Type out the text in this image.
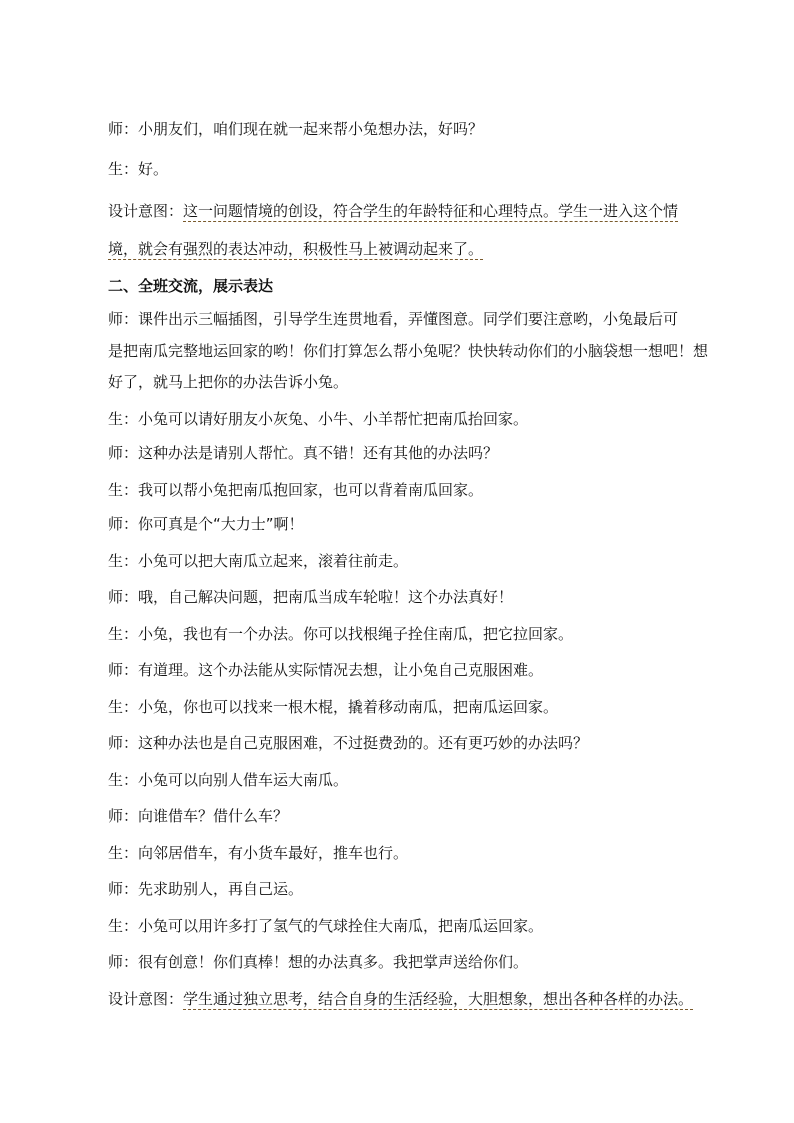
师：小朋友们，咱们现在就一起来帮小兔想办法，好吗？
生：好。
设计意图：这一问题情境的创设，符合学生的年龄特征和心理特点。学生一进入这个情
境，就会有强烈的表达冲动，积极性马上被调动起来了。
二、全班交流，展示表达
师：课件出示三幅插图，引导学生连贯地看，弄懂图意。同学们要注意哟，小兔最后可
是把南瓜完整地运回家的哟！你们打算怎么帮小兔呢？快快转动你们的小脑袋想一想吧！想
好了，就马上把你的办法告诉小兔。
生：小兔可以请好朋友小灰兔、小牛、小羊帮忙把南瓜抬回家。
师：这种办法是请别人帮忙。真不错！还有其他的办法吗？
生：我可以帮小兔把南瓜抱回家，也可以背着南瓜回家。
师：你可真是个“大力士”啊！
生：小兔可以把大南瓜立起来，滚着往前走。
师：哦，自己解决问题，把南瓜当成车轮啦！这个办法真好！
生：小兔，我也有一个办法。你可以找根绳子拴住南瓜，把它拉回家。
师：有道理。这个办法能从实际情况去想，让小兔自己克服困难。
生：小兔，你也可以找来一根木棍，撬着移动南瓜，把南瓜运回家。
师：这种办法也是自己克服困难，不过挺费劲的。还有更巧妙的办法吗？
生：小兔可以向别人借车运大南瓜。
师：向谁借车？借什么车？
生：向邻居借车，有小货车最好，推车也行。
师：先求助别人，再自己运。
生：小兔可以用许多打了氢气的气球拴住大南瓜，把南瓜运回家。
师：很有创意！你们真棒！想的办法真多。我把掌声送给你们。
设计意图：学生通过独立思考，结合自身的生活经验，大胆想象，想出各种各样的办法。
